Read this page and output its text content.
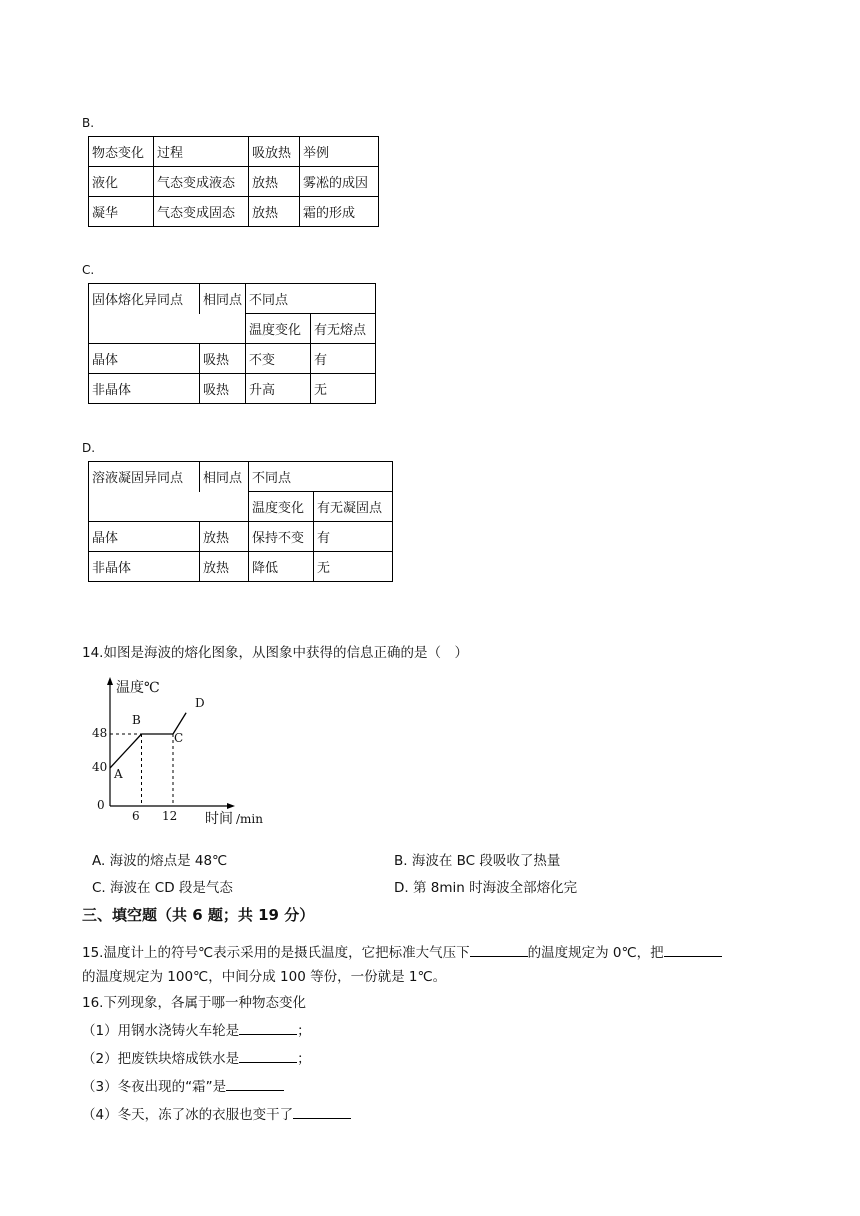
B.
物态变化	过程	吸放热	举例
液化	气态变成液态	放热	雾凇的成因
凝华	气态变成固态	放热	霜的形成
C.
固体熔化异同点	相同点	不同点	
		温度变化	有无熔点
晶体	吸热	不变	有
非晶体	吸热	升高	无
D.
溶液凝固异同点	相同点	不同点	
		温度变化	有无凝固点
晶体	放热	保持不变	有
非晶体	放热	降低	无
14.如图是海波的熔化图象，从图象中获得的信息正确的是（　）
温度℃
时间 /min
0
40
48
6 12
A
B
C
D
A. 海波的熔点是 48℃	B. 海波在 BC 段吸收了热量
C. 海波在 CD 段是气态	D. 第 8min 时海波全部熔化完
三、填空题（共 6 题；共 19 分）
15.温度计上的符号℃表示采用的是摄氏温度，它把标准大气压下	的温度规定为 0℃，把
的温度规定为 100℃，中间分成 100 等份，一份就是 1℃。
16.下列现象，各属于哪一种物态变化
（1）用钢水浇铸火车轮是	；
（2）把废铁块熔成铁水是	；
（3）冬夜出现的“霜”是
（4）冬天，冻了冰的衣服也变干了
